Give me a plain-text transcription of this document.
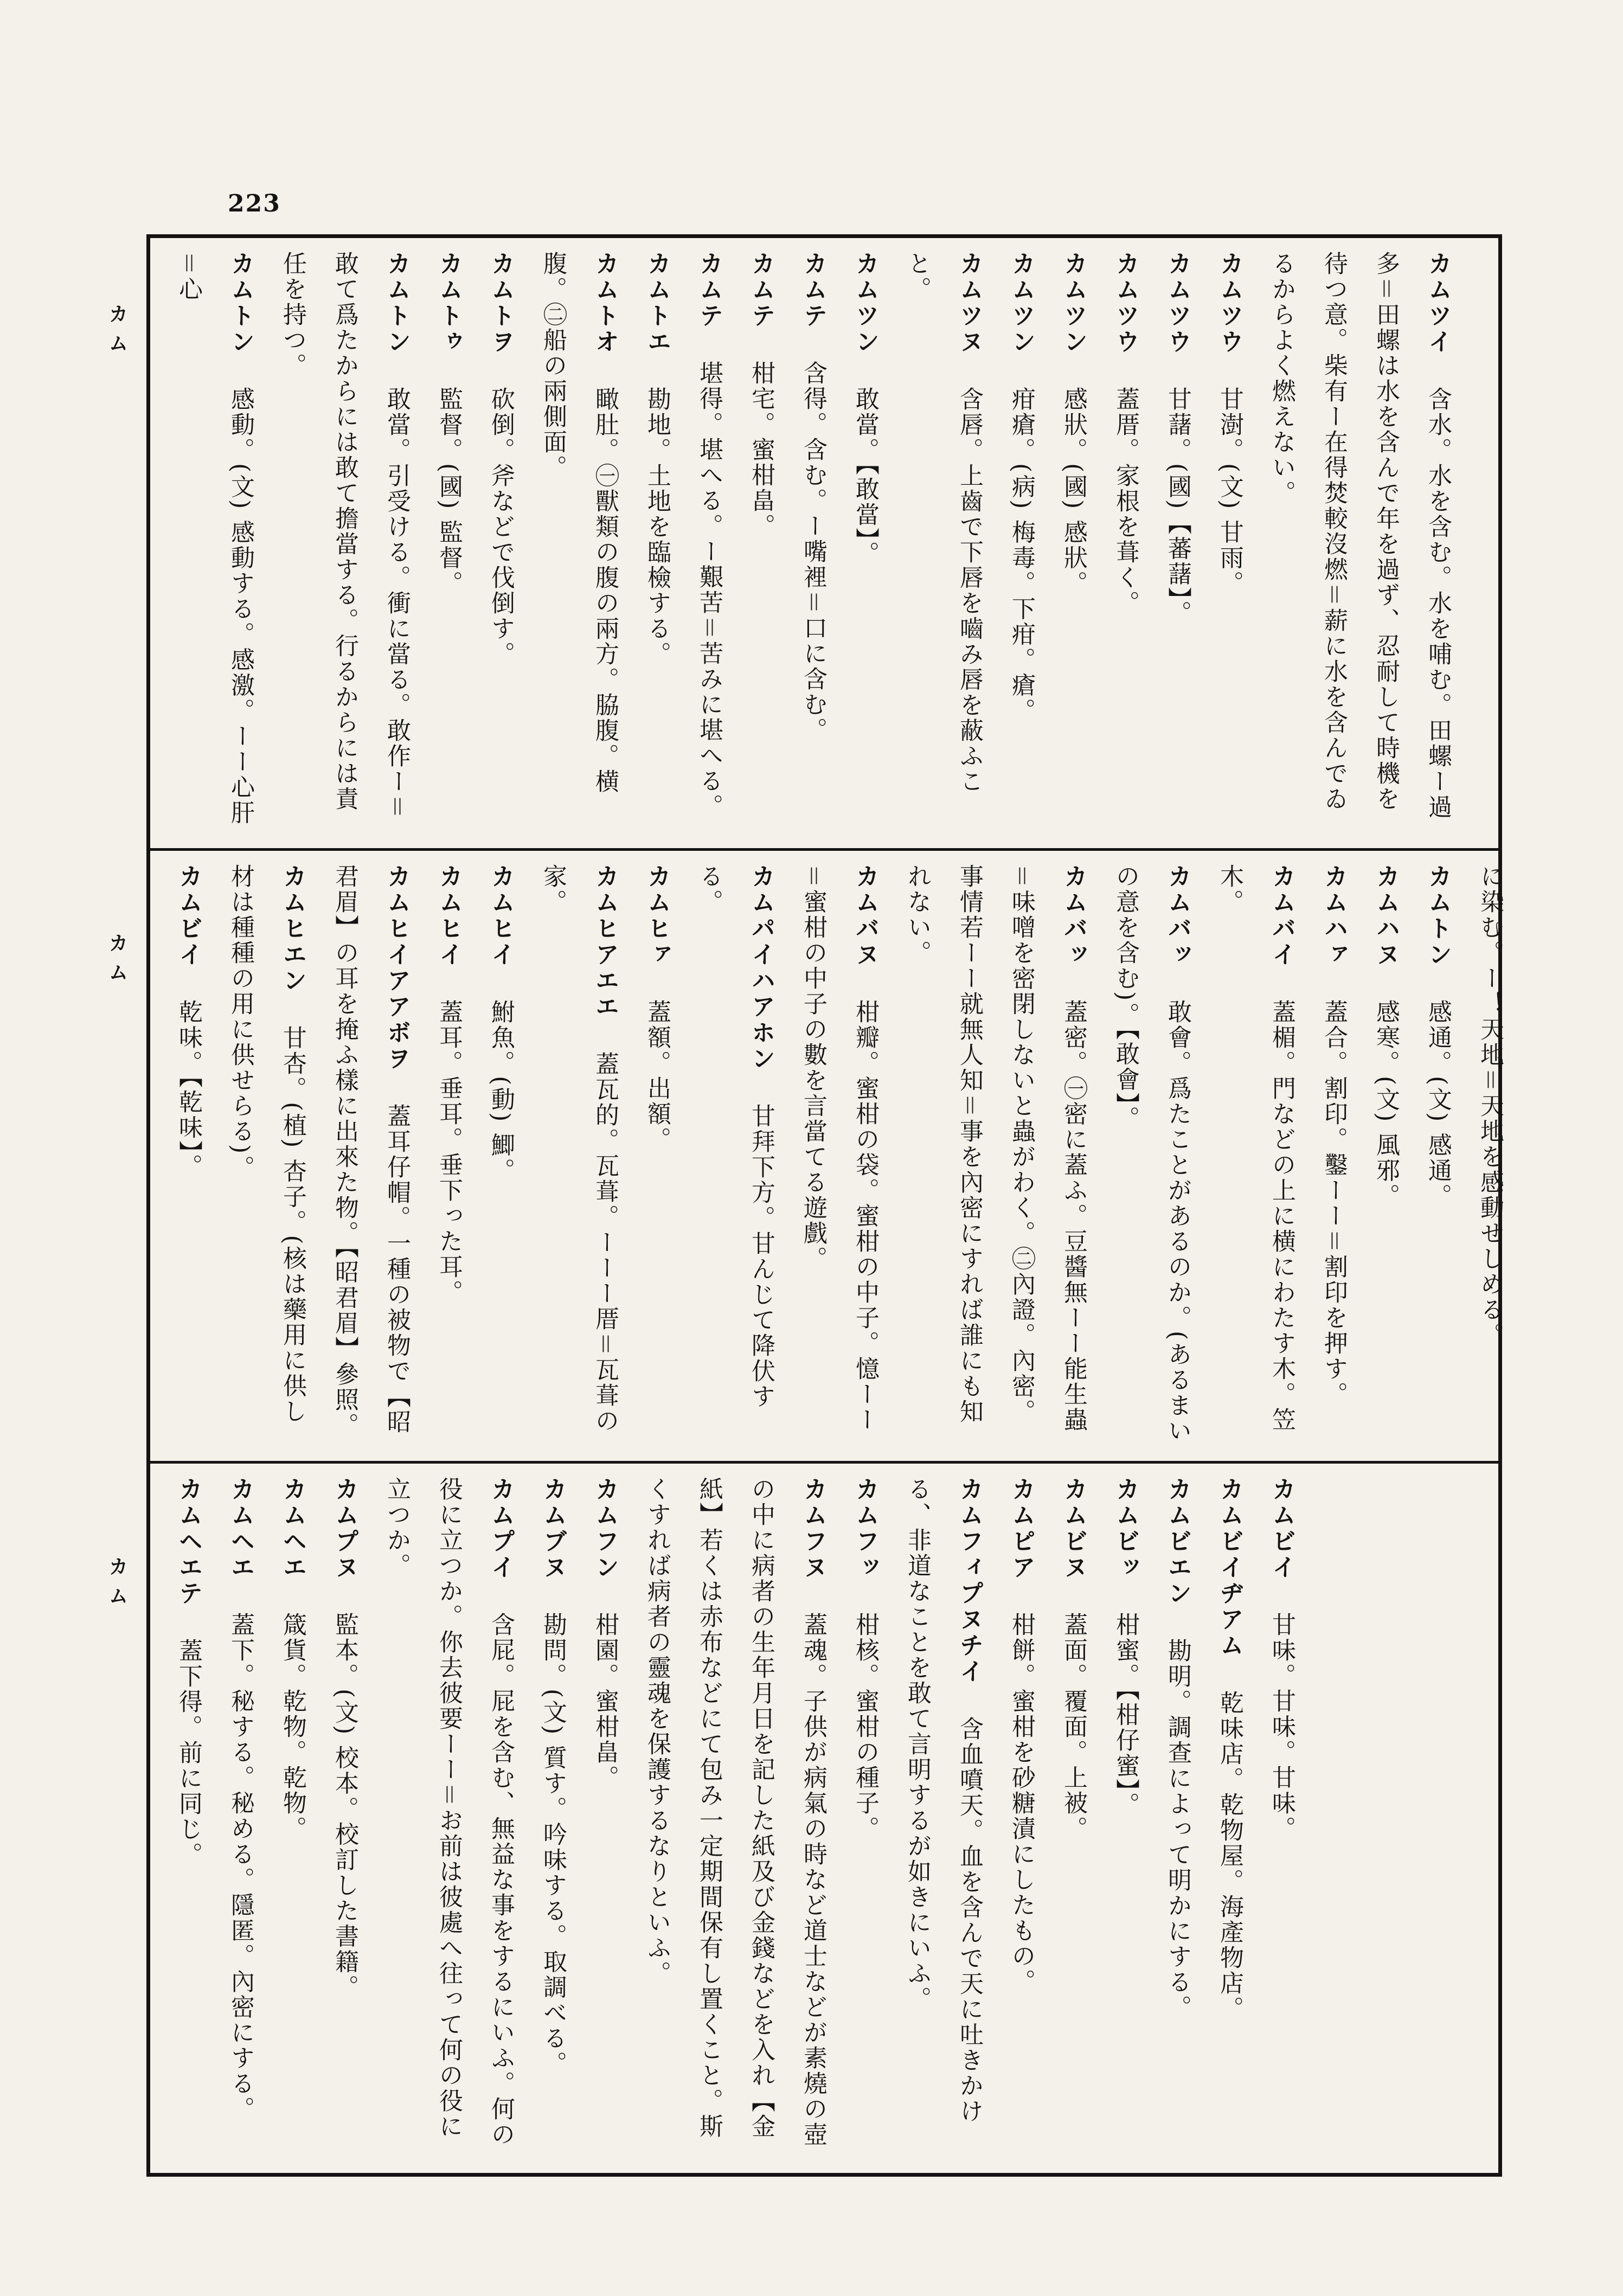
223
カム
カム
カム
カムツイ　含水。水を含む。水を哺む。田螺ー過多＝田螺は水を含んで年を過ず、忍耐して時機を待つ意。柴有ー在得焚較沒燃＝薪に水を含んでゐるからよく燃えない。
カムツウ　甘澍。(文) 甘雨。
カムツウ　甘藷。(國)【蕃藷】。
カムツウ　蓋厝。家根を葺く。
カムツン　感狀。(國) 感狀。
カムツン　疳瘡。(病) 梅毒。下疳。瘡。
カムツヌ　含唇。上齒で下唇を嚙み唇を蔽ふこと。
カムツン　敢當。【敢當】。
カムテ　含得。含む。ー嘴裡＝口に含む。
カムテ　柑宅。蜜柑畠。
カムテ　堪得。堪へる。ー艱苦＝苦みに堪へる。
カムトエ　勘地。土地を臨檢する。
カムトオ　瞰肚。㊀獸類の腹の兩方。脇腹。横腹。㊁船の兩側面。
カムトヲ　砍倒。斧などで伐倒す。
カムトゥ　監督。(國) 監督。
カムトン　敢當。引受ける。衝に當る。敢作ー＝敢て爲たからには敢て擔當する。行るからには責任を持つ。
カムトン　感動。(文) 感動する。感激。ーー心肝＝心
に染む。ー！天地＝天地を感動せしめる。
カムトン　感通。(文) 感通。
カムハヌ　感寒。(文) 風邪。
カムハァ　蓋合。割印。鑿ーー＝割印を押す。
カムバイ　蓋楣。門などの上に横にわたす木。笠木。
カムバッ　敢會。爲たことがあるのか。(あるまいの意を含む)。【敢會】。
カムバッ　蓋密。㊀密に蓋ふ。豆醬無ーー能生蟲＝味噌を密閉しないと蟲がわく。㊁內證。內密。事情若ーー就無人知＝事を內密にすれば誰にも知れない。
カムバヌ　柑瓣。蜜柑の袋。蜜柑の中子。憶ーー＝蜜柑の中子の數を言當てる遊戲。
カムパイハアホン　甘拜下方。甘んじて降伏する。
カムヒァ　蓋額。出額。
カムヒアエエ　蓋瓦的。瓦葺。ーーー厝＝瓦葺の家。
カムヒイ　鮒魚。(動) 鯽。
カムヒイ　蓋耳。垂耳。垂下った耳。
カムヒイアアボヲ　蓋耳仔帽。一種の被物で【昭君眉】の耳を掩ふ樣に出來た物。【昭君眉】參照。
カムヒエン　甘杏。(植) 杏子。(核は藥用に供し材は種種の用に供せらる)。
カムビイ　乾味。【乾味】。
カムビイ　甘味。甘味。甘味。
カムビイヂアム　乾味店。乾物屋。海產物店。
カムビエン　勘明。調查によって明かにする。
カムビッ　柑蜜。【柑仔蜜】。
カムビヌ　蓋面。覆面。上被。
カムピア　柑餅。蜜柑を砂糖漬にしたもの。
カムフィプヌチイ　含血噴天。血を含んで天に吐きかける、非道なことを敢て言明するが如きにいふ。
カムフッ　柑核。蜜柑の種子。
カムフヌ　蓋魂。子供が病氣の時など道士などが素燒の壺の中に病者の生年月日を記した紙及び金錢などを入れ【金紙】若くは赤布などにて包み一定期間保有し置くこと。斯くすれば病者の靈魂を保護するなりといふ。
カムフン　柑園。蜜柑畠。
カムブヌ　勘問。(文) 質す。吟味する。取調べる。
カムプイ　含屁。屁を含む、無益な事をするにいふ。何の役に立つか。你去彼要ーー＝お前は彼處へ往って何の役に立つか。
カムプヌ　監本。(文) 校本。校訂した書籍。
カムヘエ　箴貨。乾物。乾物。
カムヘエ　蓋下。秘する。秘める。隱匿。內密にする。
カムヘエテ　蓋下得。前に同じ。
